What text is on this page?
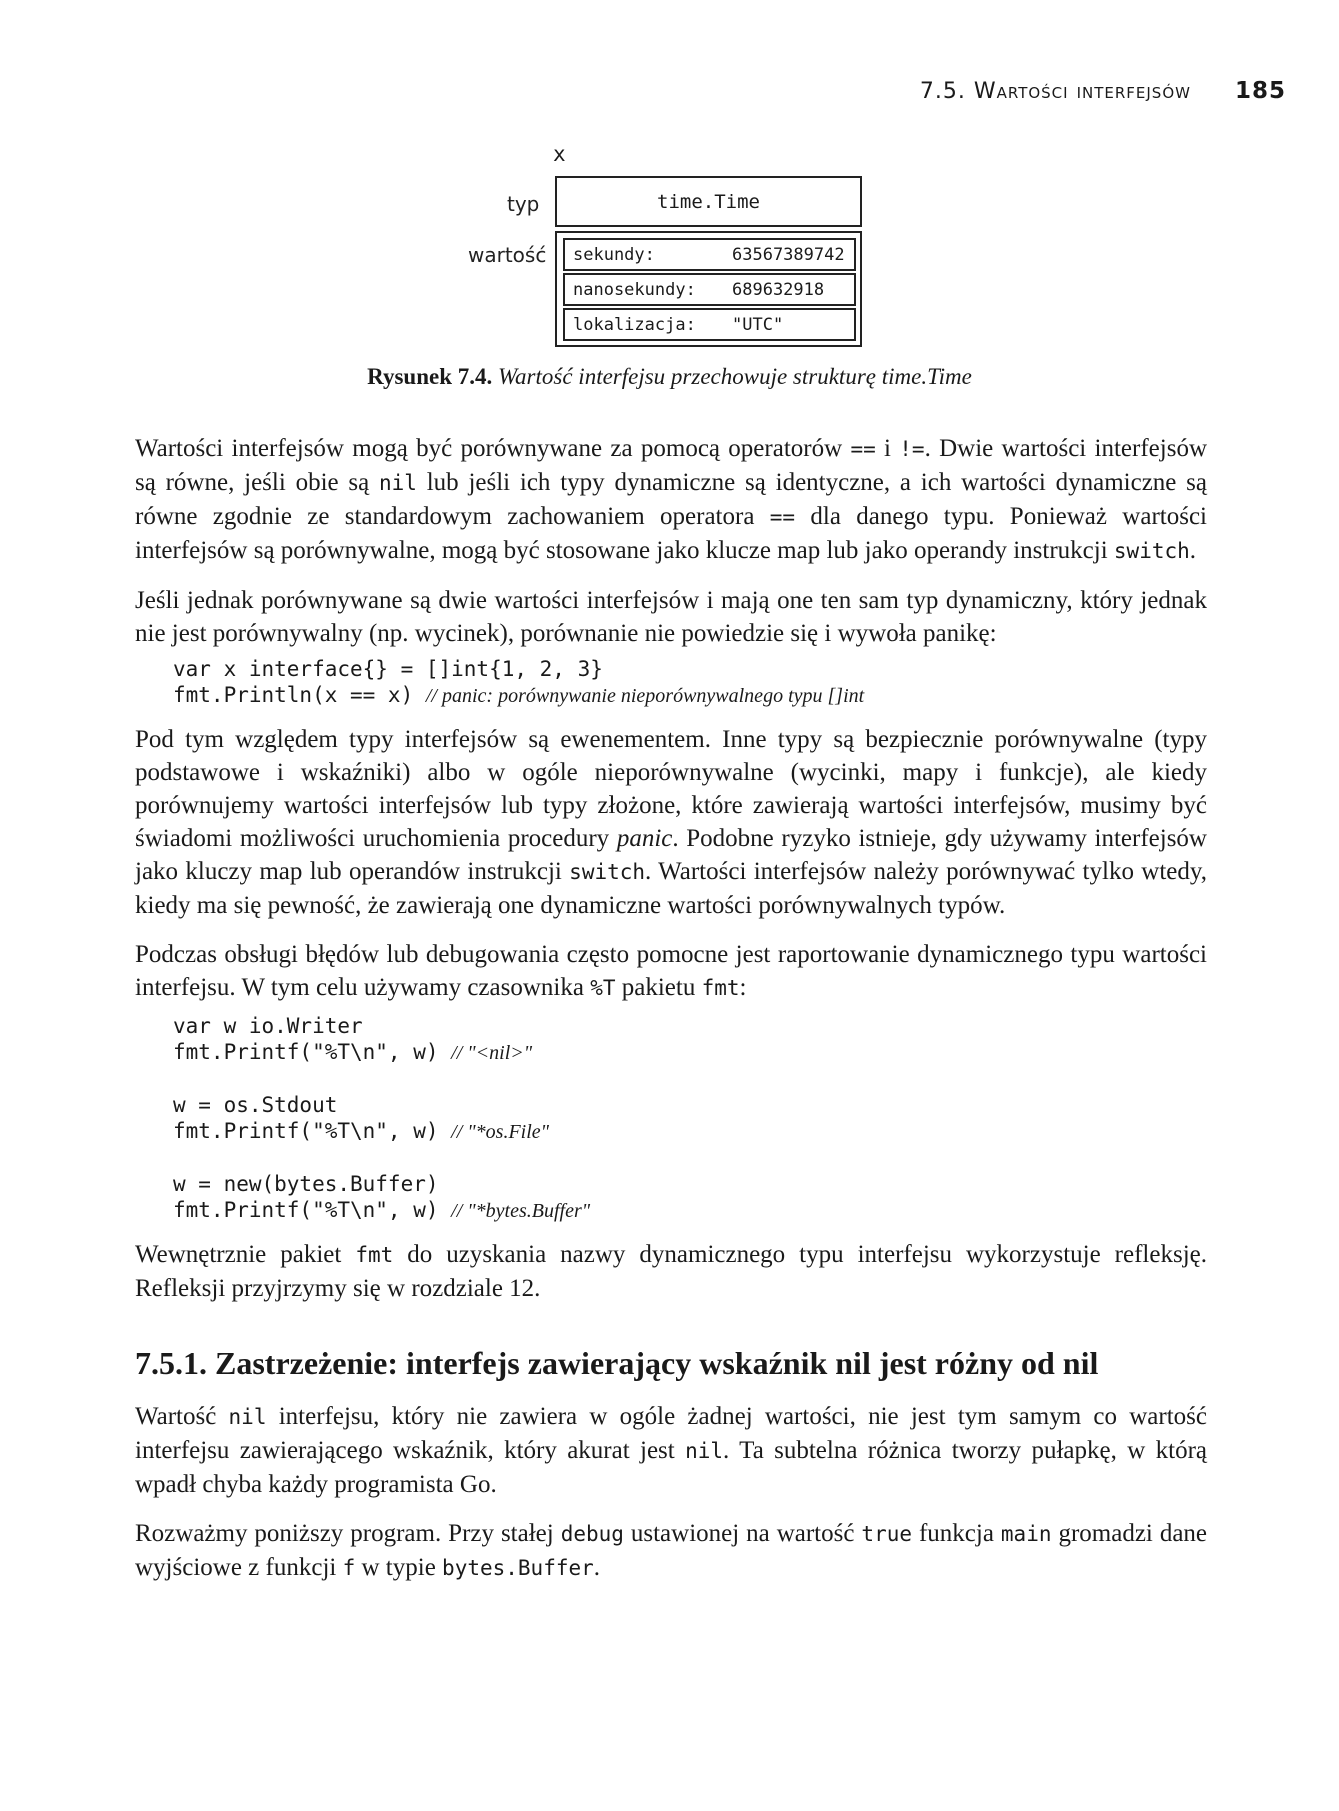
7.5. Wartości interfejsów 185
x
typ
wartość
time.Time
sekundy:	63567389742
nanosekundy: 689632918
lokalizacja: "UTC"
Rysunek 7.4. Wartość interfejsu przechowuje strukturę time.Time

Wartości interfejsów mogą być porównywane za pomocą operatorów == i !=. Dwie wartości interfejsów są równe, jeśli obie są nil lub jeśli ich typy dynamiczne są identyczne, a ich wartości dynamiczne są równe zgodnie ze standardowym zachowaniem operatora == dla danego typu. Ponieważ wartości interfejsów są porównywalne, mogą być stosowane jako klucze map lub jako operandy instrukcji switch.

Jeśli jednak porównywane są dwie wartości interfejsów i mają one ten sam typ dynamiczny, który jednak nie jest porównywalny (np. wycinek), porównanie nie powiedzie się i wywoła panikę:

var x interface{} = []int{1, 2, 3}
fmt.Println(x == x) // panic: porównywanie nieporównywalnego typu []int

Pod tym względem typy interfejsów są ewenementem. Inne typy są bezpiecznie porównywalne (typy podstawowe i wskaźniki) albo w ogóle nieporównywalne (wycinki, mapy i funkcje), ale kiedy porównujemy wartości interfejsów lub typy złożone, które zawierają wartości interfejsów, musimy być świadomi możliwości uruchomienia procedury panic. Podobne ryzyko istnieje, gdy używamy interfejsów jako kluczy map lub operandów instrukcji switch. Wartości interfejsów należy porównywać tylko wtedy, kiedy ma się pewność, że zawierają one dynamiczne wartości porównywalnych typów.

Podczas obsługi błędów lub debugowania często pomocne jest raportowanie dynamicznego typu wartości interfejsu. W tym celu używamy czasownika %T pakietu fmt:

var w io.Writer
fmt.Printf("%T\n", w) // "<nil>"

w = os.Stdout
fmt.Printf("%T\n", w) // "*os.File"

w = new(bytes.Buffer)
fmt.Printf("%T\n", w) // "*bytes.Buffer"

Wewnętrznie pakiet fmt do uzyskania nazwy dynamicznego typu interfejsu wykorzystuje refleksję. Refleksji przyjrzymy się w rozdziale 12.

7.5.1. Zastrzeżenie: interfejs zawierający wskaźnik nil jest różny od nil

Wartość nil interfejsu, który nie zawiera w ogóle żadnej wartości, nie jest tym samym co wartość interfejsu zawierającego wskaźnik, który akurat jest nil. Ta subtelna różnica tworzy pułapkę, w którą wpadł chyba każdy programista Go.

Rozważmy poniższy program. Przy stałej debug ustawionej na wartość true funkcja main gromadzi dane wyjściowe z funkcji f w typie bytes.Buffer.
